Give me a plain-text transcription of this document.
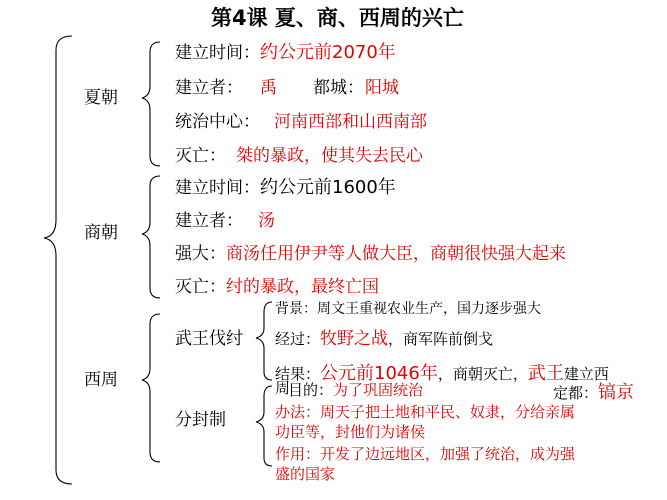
第4课 夏、商、西周的兴亡
夏朝
建立时间：约公元前2070年
建立者： 禹 都城： 阳城
统治中心： 河南西部和山西南部
灭亡： 桀的暴政，使其失去民心
商朝
建立时间：约公元前1600年
建立者： 汤
强大：商汤任用伊尹等人做大臣，商朝很快强大起来
灭亡：纣的暴政，最终亡国
西周
武王伐纣
背景：周文王重视农业生产，国力逐步强大
经过：牧野之战，商军阵前倒戈
结果：公元前1046年，商朝灭亡，武王建立西
周	定都：镐京
分封制
目的：为了巩固统治
办法：周天子把土地和平民、奴隶，分给亲属
功臣等，封他们为诸侯
作用：开发了边远地区，加强了统治，成为强
盛的国家
